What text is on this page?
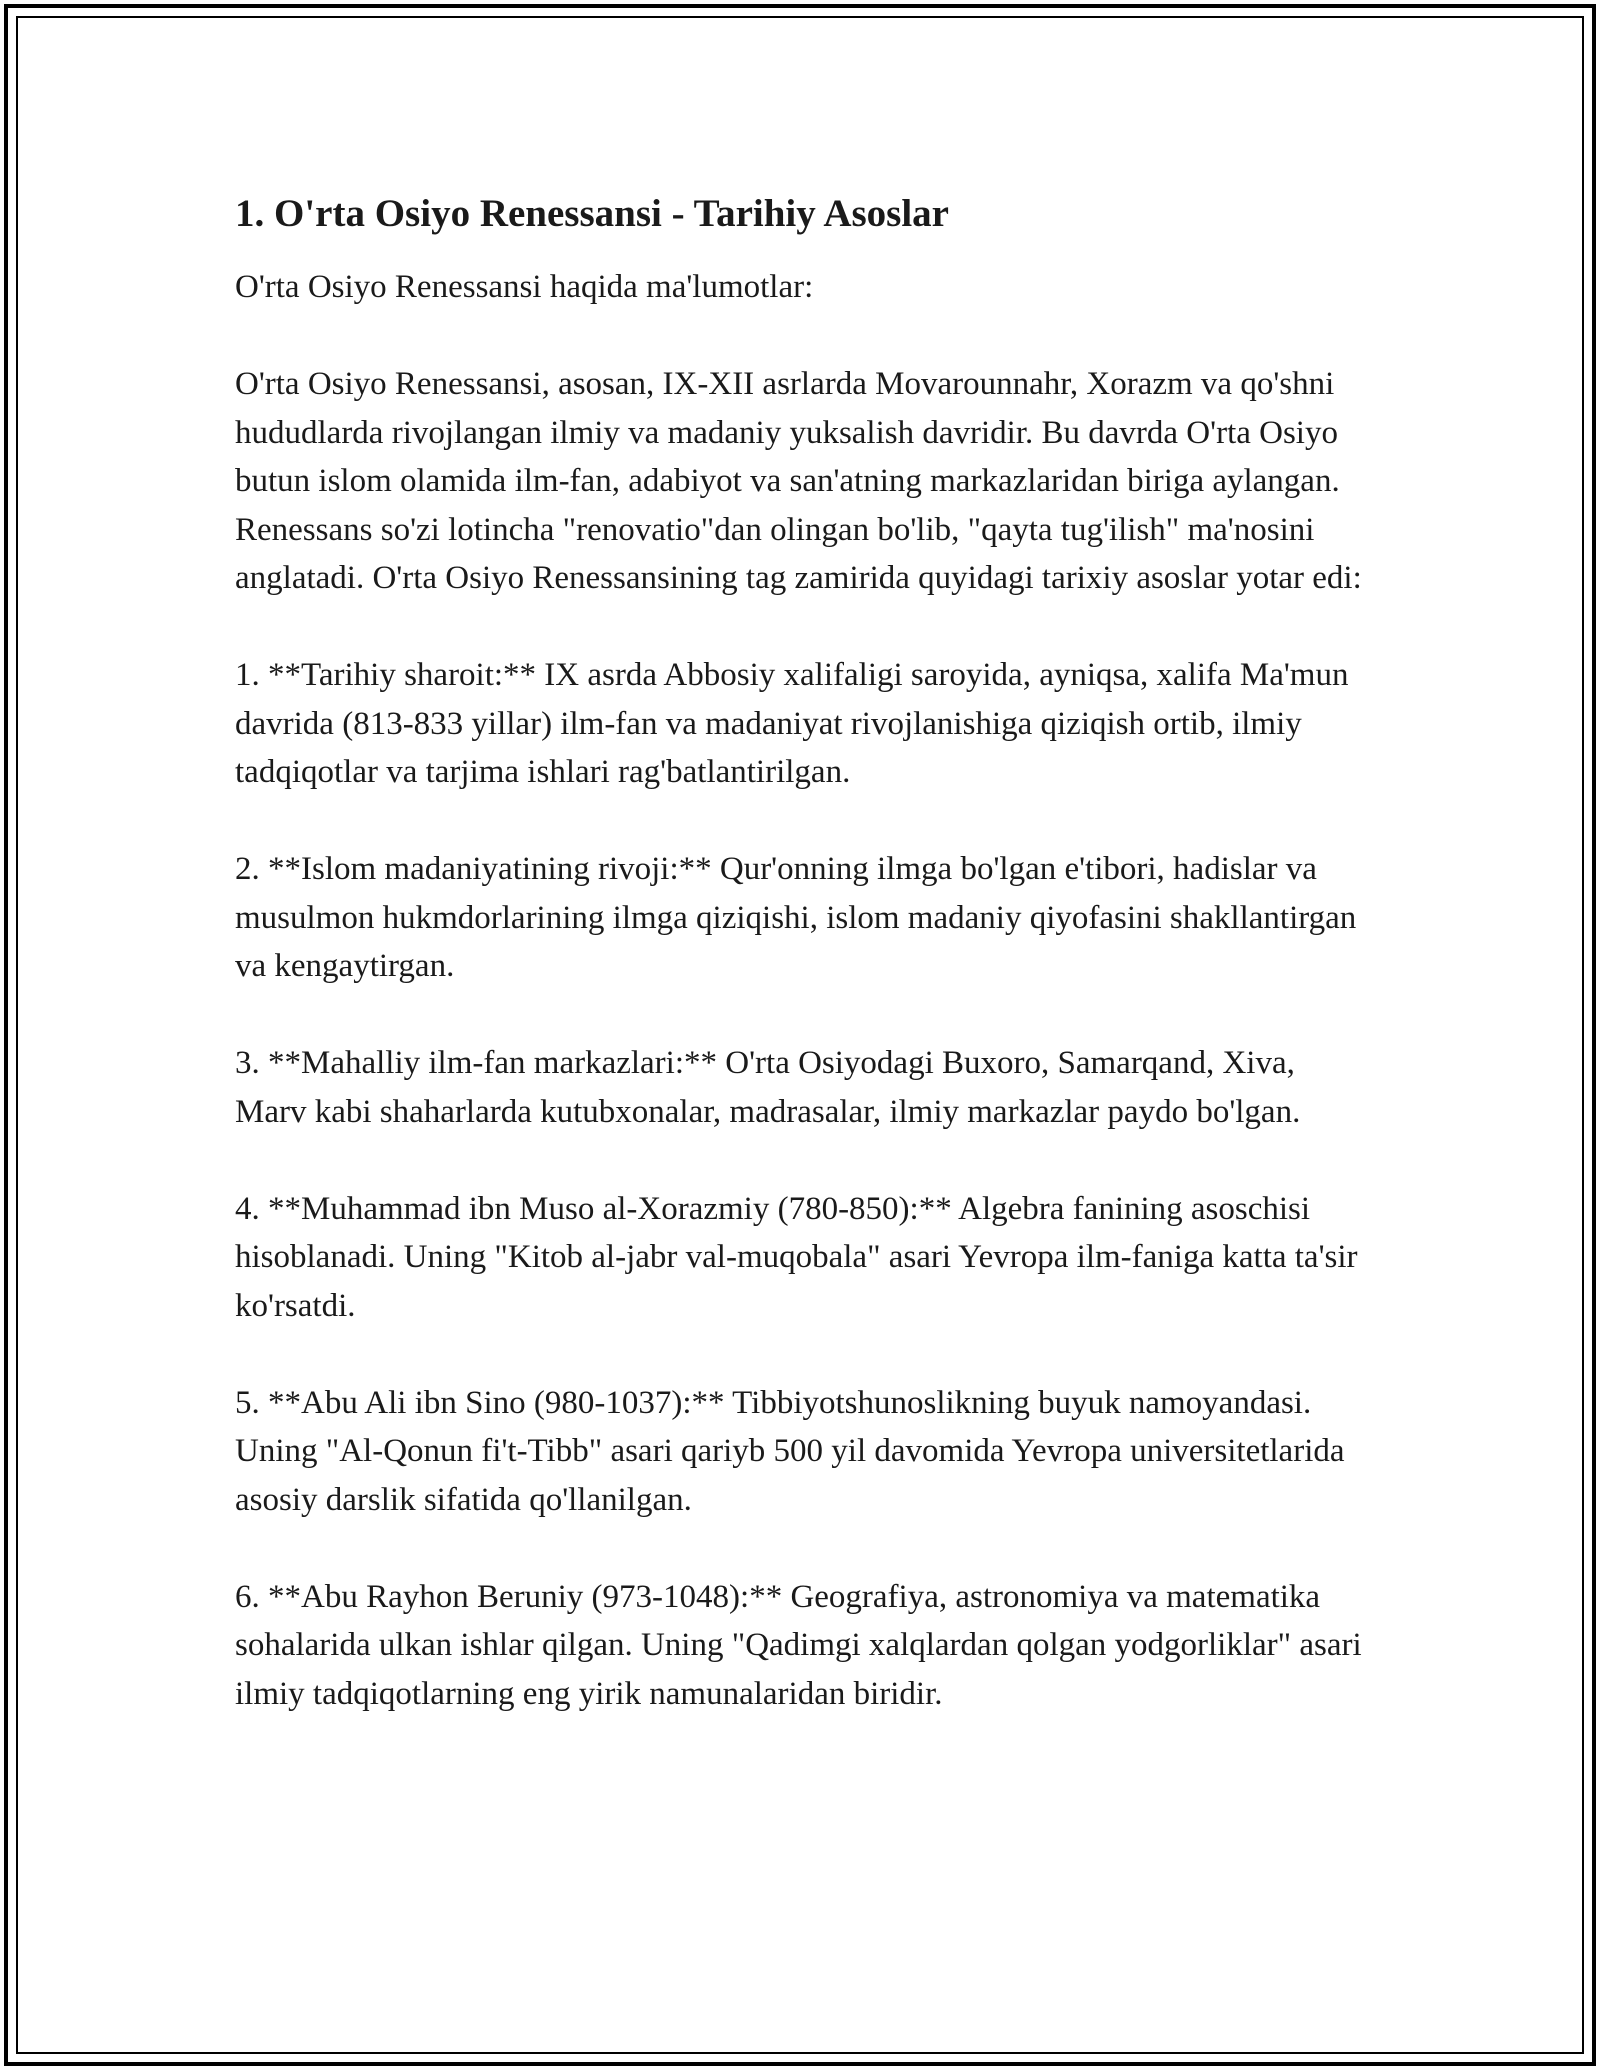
1. O'rta Osiyo Renessansi - Tarihiy Asoslar

O'rta Osiyo Renessansi haqida ma'lumotlar:

O'rta Osiyo Renessansi, asosan, IX-XII asrlarda Movarounnahr, Xorazm va qo'shni hududlarda rivojlangan ilmiy va madaniy yuksalish davridir. Bu davrda O'rta Osiyo butun islom olamida ilm-fan, adabiyot va san'atning markazlaridan biriga aylangan. Renessans so'zi lotincha "renovatio"dan olingan bo'lib, "qayta tug'ilish" ma'nosini anglatadi. O'rta Osiyo Renessansining tag zamirida quyidagi tarixiy asoslar yotar edi:

1. **Tarihiy sharoit:** IX asrda Abbosiy xalifaligi saroyida, ayniqsa, xalifa Ma'mun davrida (813-833 yillar) ilm-fan va madaniyat rivojlanishiga qiziqish ortib, ilmiy tadqiqotlar va tarjima ishlari rag'batlantirilgan.

2. **Islom madaniyatining rivoji:** Qur'onning ilmga bo'lgan e'tibori, hadislar va musulmon hukmdorlarining ilmga qiziqishi, islom madaniy qiyofasini shakllantirgan va kengaytirgan.

3. **Mahalliy ilm-fan markazlari:** O'rta Osiyodagi Buxoro, Samarqand, Xiva, Marv kabi shaharlarda kutubxonalar, madrasalar, ilmiy markazlar paydo bo'lgan.

4. **Muhammad ibn Muso al-Xorazmiy (780-850):** Algebra fanining asoschisi hisoblanadi. Uning "Kitob al-jabr val-muqobala" asari Yevropa ilm-faniga katta ta'sir ko'rsatdi.

5. **Abu Ali ibn Sino (980-1037):** Tibbiyotshunoslikning buyuk namoyandasi. Uning "Al-Qonun fi't-Tibb" asari qariyb 500 yil davomida Yevropa universitetlarida asosiy darslik sifatida qo'llanilgan.

6. **Abu Rayhon Beruniy (973-1048):** Geografiya, astronomiya va matematika sohalarida ulkan ishlar qilgan. Uning "Qadimgi xalqlardan qolgan yodgorliklar" asari ilmiy tadqiqotlarning eng yirik namunalaridan biridir.
